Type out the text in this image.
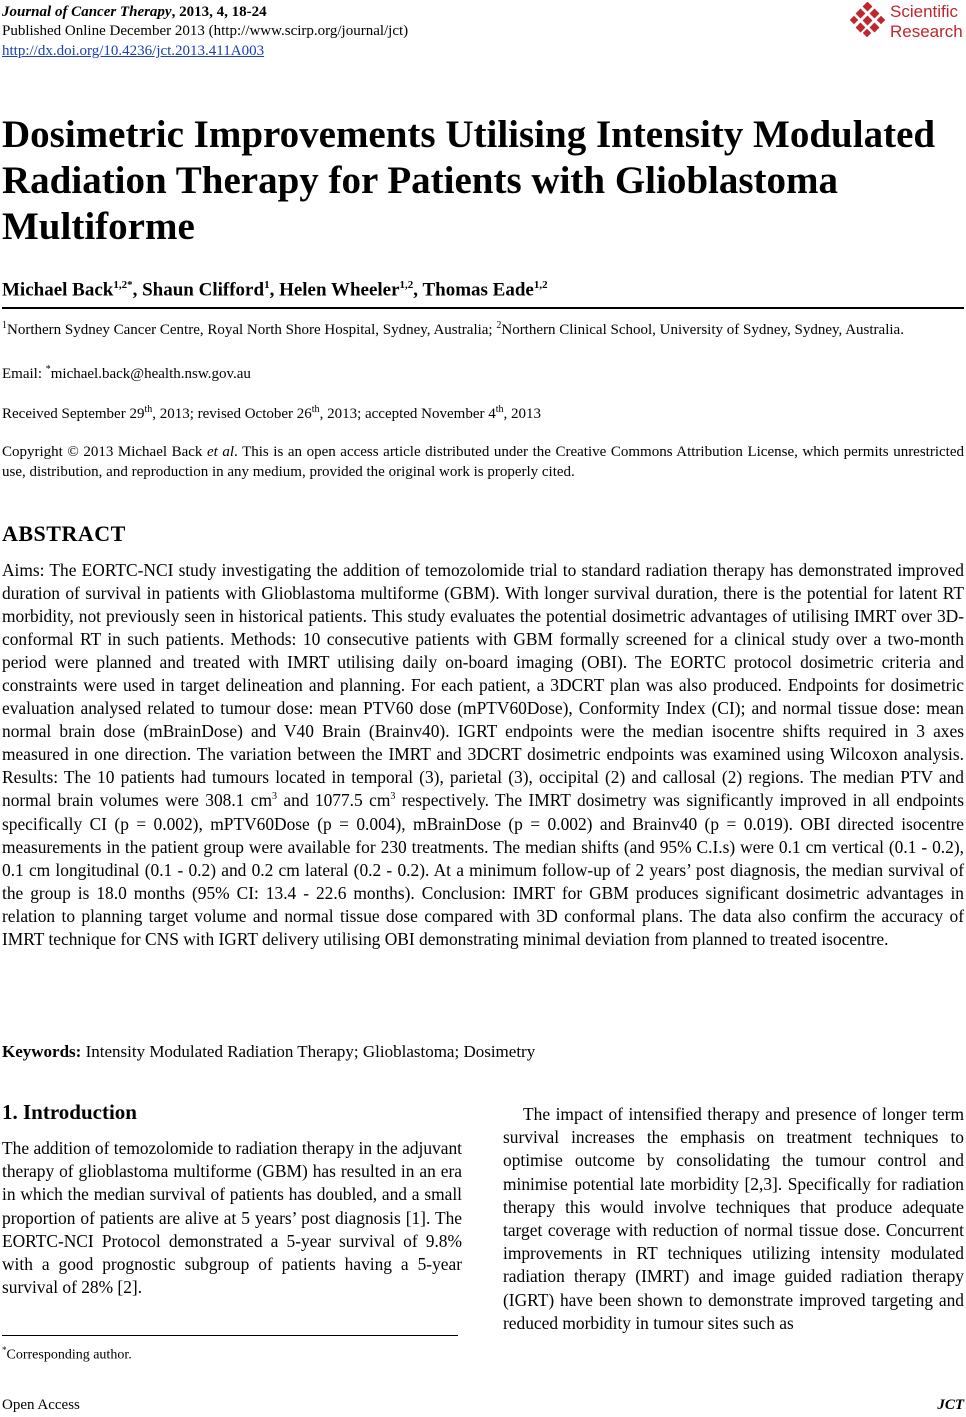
Journal of Cancer Therapy, 2013, 4, 18-24
Published Online December 2013 (http://www.scirp.org/journal/jct)
http://dx.doi.org/10.4236/jct.2013.411A003
Scientific
Research
Dosimetric Improvements Utilising Intensity Modulated Radiation Therapy for Patients with Glioblastoma Multiforme
Michael Back$^{1,2*}$, Shaun Clifford$^1$, Helen Wheeler$^{1,2}$, Thomas Eade$^{1,2}$
$^1$Northern Sydney Cancer Centre, Royal North Shore Hospital, Sydney, Australia; $^2$Northern Clinical School, University of Sydney, Sydney, Australia.
Email: *michael.back@health.nsw.gov.au
Received September 29th, 2013; revised October 26th, 2013; accepted November 4th, 2013
Copyright © 2013 Michael Back et al. This is an open access article distributed under the Creative Commons Attribution License, which permits unrestricted use, distribution, and reproduction in any medium, provided the original work is properly cited.
ABSTRACT
Aims: The EORTC-NCI study investigating the addition of temozolomide trial to standard radiation therapy has demonstrated improved duration of survival in patients with Glioblastoma multiforme (GBM). With longer survival duration, there is the potential for latent RT morbidity, not previously seen in historical patients. This study evaluates the potential dosimetric advantages of utilising IMRT over 3D-conformal RT in such patients. Methods: 10 consecutive patients with GBM formally screened for a clinical study over a two-month period were planned and treated with IMRT utilising daily on-board imaging (OBI). The EORTC protocol dosimetric criteria and constraints were used in target delineation and planning. For each patient, a 3DCRT plan was also produced. Endpoints for dosimetric evaluation analysed related to tumour dose: mean PTV60 dose (mPTV60Dose), Conformity Index (CI); and normal tissue dose: mean normal brain dose (mBrainDose) and V40 Brain (Brainv40). IGRT endpoints were the median isocentre shifts required in 3 axes measured in one direction. The variation between the IMRT and 3DCRT dosimetric endpoints was examined using Wilcoxon analysis. Results: The 10 patients had tumours located in temporal (3), parietal (3), occipital (2) and callosal (2) regions. The median PTV and normal brain volumes were 308.1 $cm^3$ and 1077.5 $cm^3$ respectively. The IMRT dosimetry was significantly improved in all endpoints specifically CI (p = 0.002), mPTV60Dose (p = 0.004), mBrainDose (p = 0.002) and Brainv40 (p = 0.019). OBI directed isocentre measurements in the patient group were available for 230 treatments. The median shifts (and 95% C.I.s) were 0.1 cm vertical (0.1 - 0.2), 0.1 cm longitudinal (0.1 - 0.2) and 0.2 cm lateral (0.2 - 0.2). At a minimum follow-up of 2 years’ post diagnosis, the median survival of the group is 18.0 months (95% CI: 13.4 - 22.6 months). Conclusion: IMRT for GBM produces significant dosimetric advantages in relation to planning target volume and normal tissue dose compared with 3D conformal plans. The data also confirm the accuracy of IMRT technique for CNS with IGRT delivery utilising OBI demonstrating minimal deviation from planned to treated isocentre.
Keywords: Intensity Modulated Radiation Therapy; Glioblastoma; Dosimetry
1. Introduction

The addition of temozolomide to radiation therapy in the adjuvant therapy of glioblastoma multiforme (GBM) has resulted in an era in which the median survival of patients has doubled, and a small proportion of patients are alive at 5 years’ post diagnosis [1]. The EORTC-NCI Protocol demonstrated a 5-year survival of 9.8% with a good prognostic subgroup of patients having a 5-year survival of 28% [2].

The impact of intensified therapy and presence of longer term survival increases the emphasis on treatment techniques to optimise outcome by consolidating the tumour control and minimise potential late morbidity [2,3]. Specifically for radiation therapy this would involve techniques that produce adequate target coverage with reduction of normal tissue dose. Concurrent improvements in RT techniques utilizing intensity modulated radiation therapy (IMRT) and image guided radiation therapy (IGRT) have been shown to demonstrate improved targeting and reduced morbidity in tumour sites such as

*Corresponding author.
Open Access	JCT
